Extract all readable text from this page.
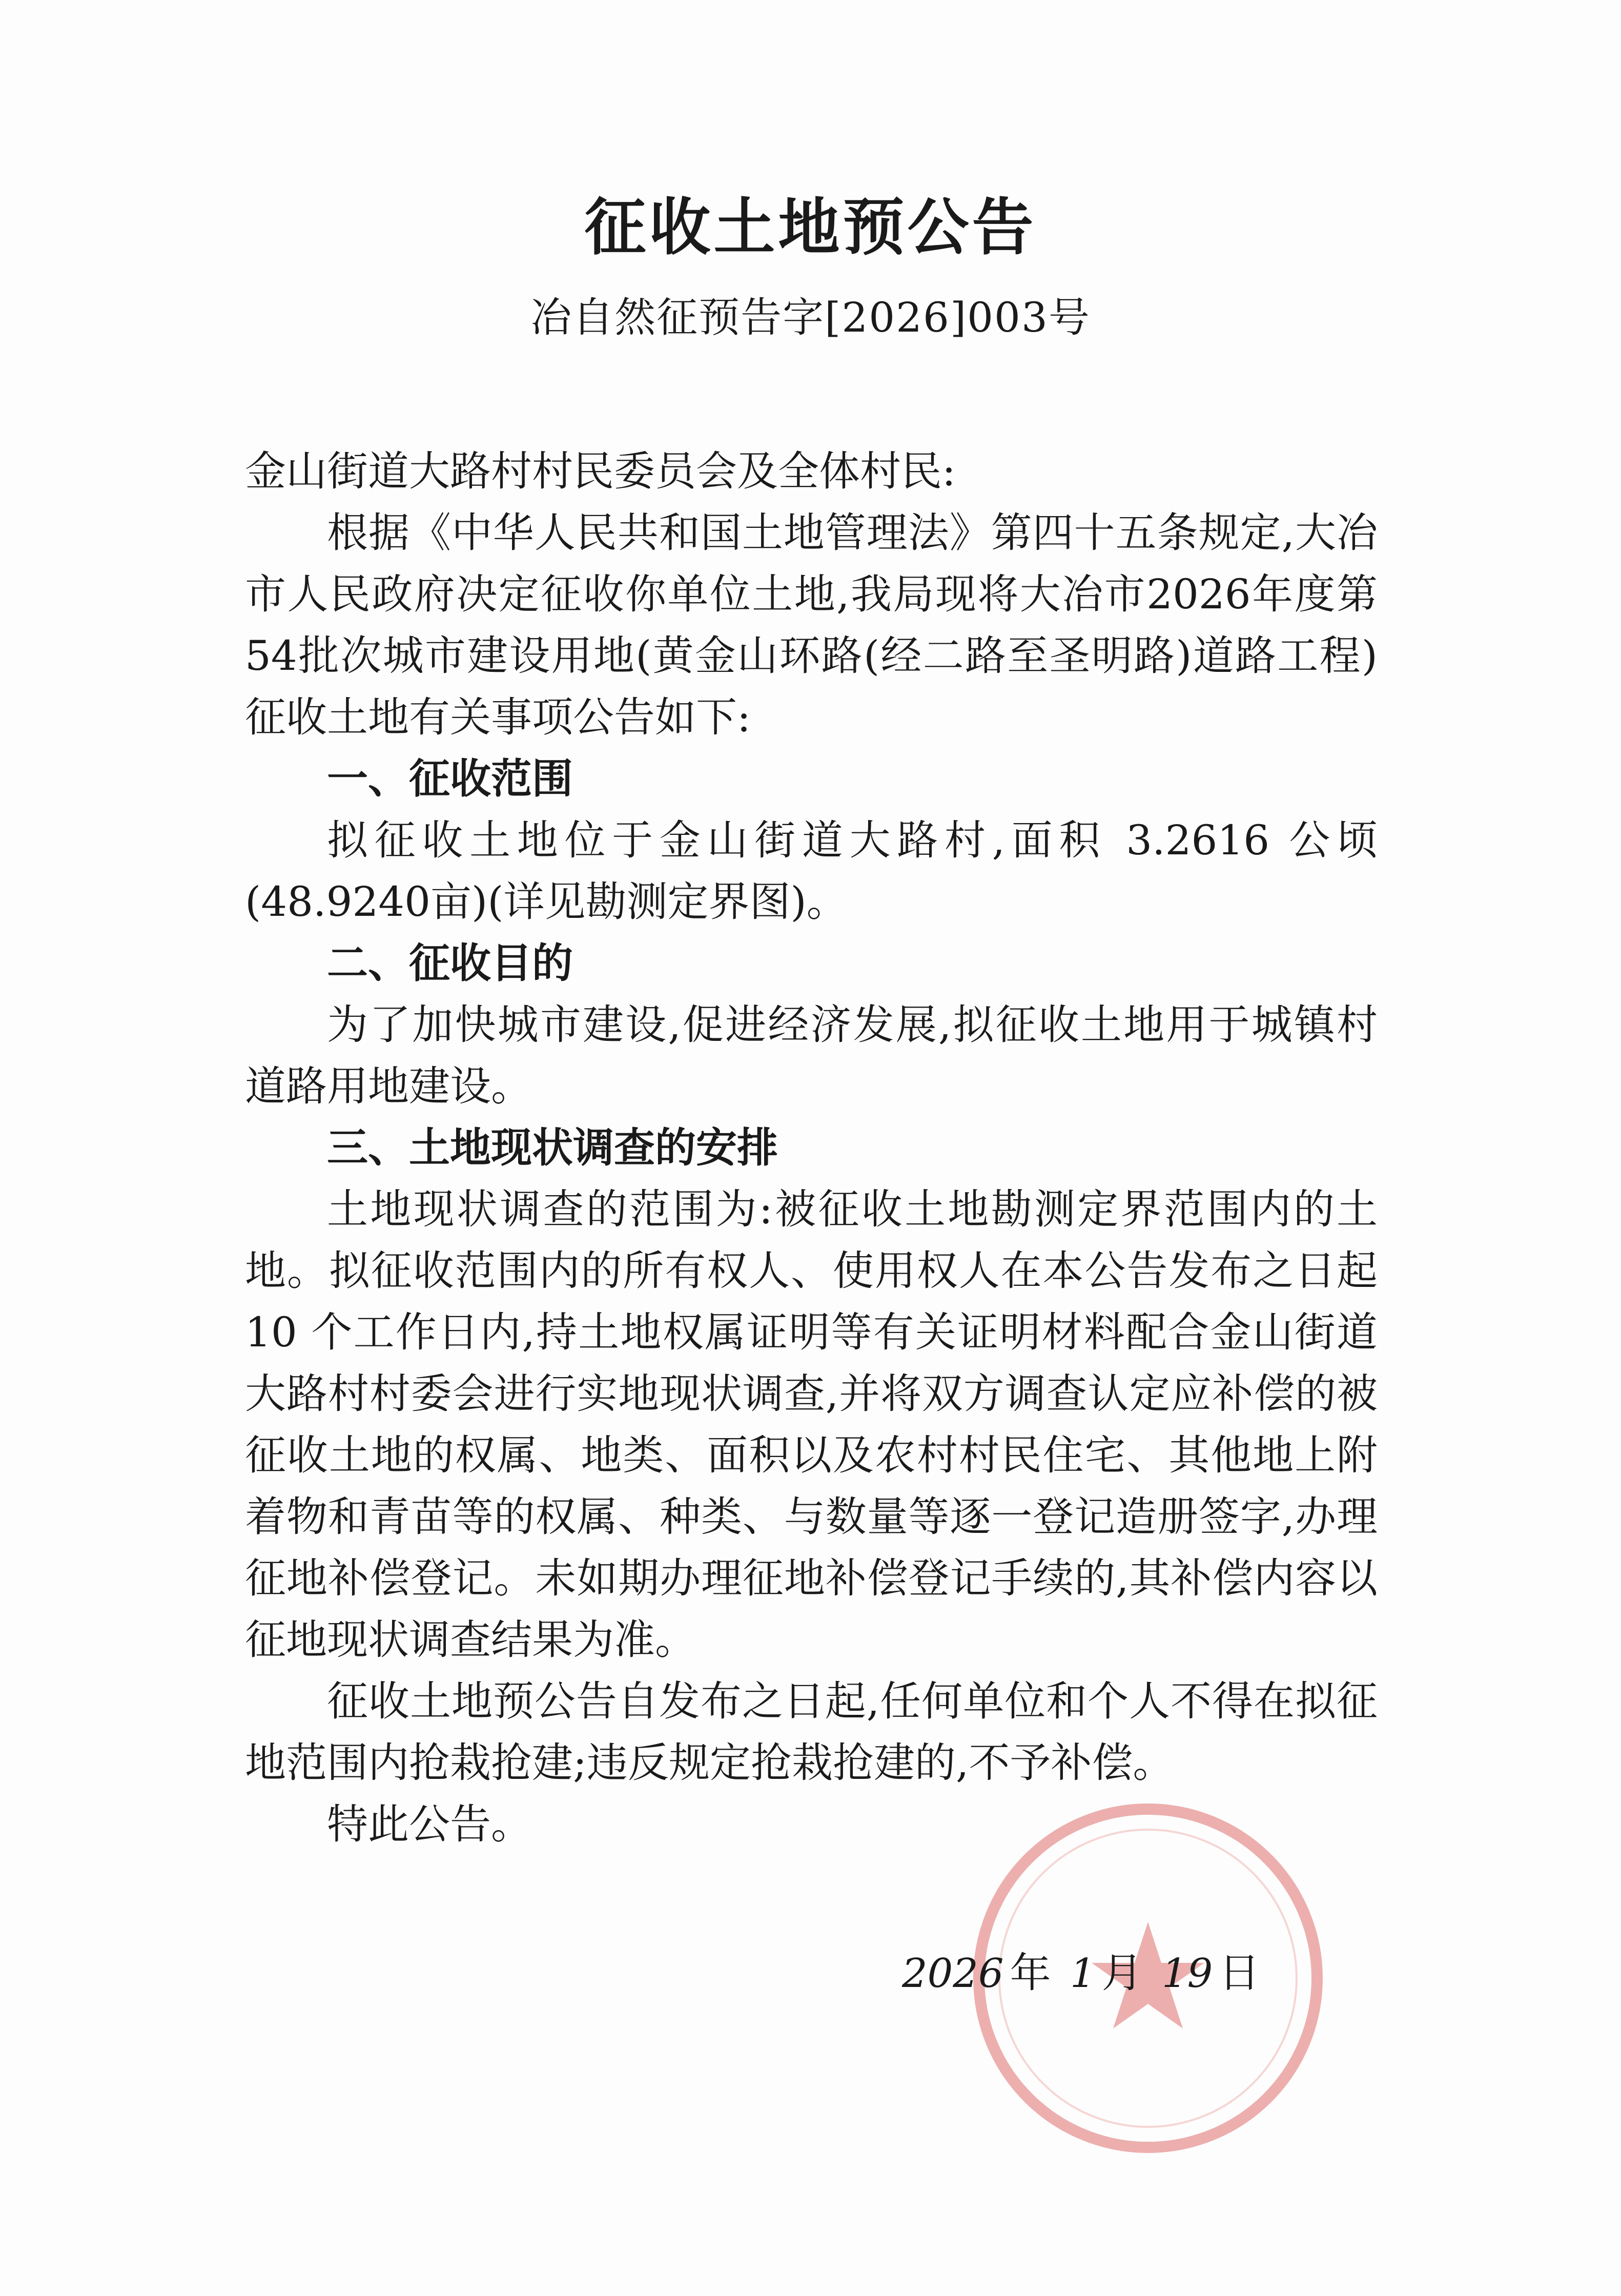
征收土地预公告
冶自然征预告字[2026]003号

金山街道大路村村民委员会及全体村民:

根据《中华人民共和国土地管理法》第四十五条规定,大冶市人民政府决定征收你单位土地,我局现将大冶市2026年度第54批次城市建设用地(黄金山环路(经二路至圣明路)道路工程)征收土地有关事项公告如下:

一、征收范围

拟征收土地位于金山街道大路村,面积 3.2616 公顷(48.9240亩)(详见勘测定界图)。

二、征收目的

为了加快城市建设,促进经济发展,拟征收土地用于城镇村道路用地建设。

三、土地现状调查的安排

土地现状调查的范围为:被征收土地勘测定界范围内的土地。拟征收范围内的所有权人、使用权人在本公告发布之日起 10 个工作日内,持土地权属证明等有关证明材料配合金山街道大路村村委会进行实地现状调查,并将双方调查认定应补偿的被征收土地的权属、地类、面积以及农村村民住宅、其他地上附着物和青苗等的权属、种类、与数量等逐一登记造册签字,办理征地补偿登记。未如期办理征地补偿登记手续的,其补偿内容以征地现状调查结果为准。

征收土地预公告自发布之日起,任何单位和个人不得在拟征地范围内抢栽抢建;违反规定抢栽抢建的,不予补偿。

特此公告。

2026 年 1 月 19 日
